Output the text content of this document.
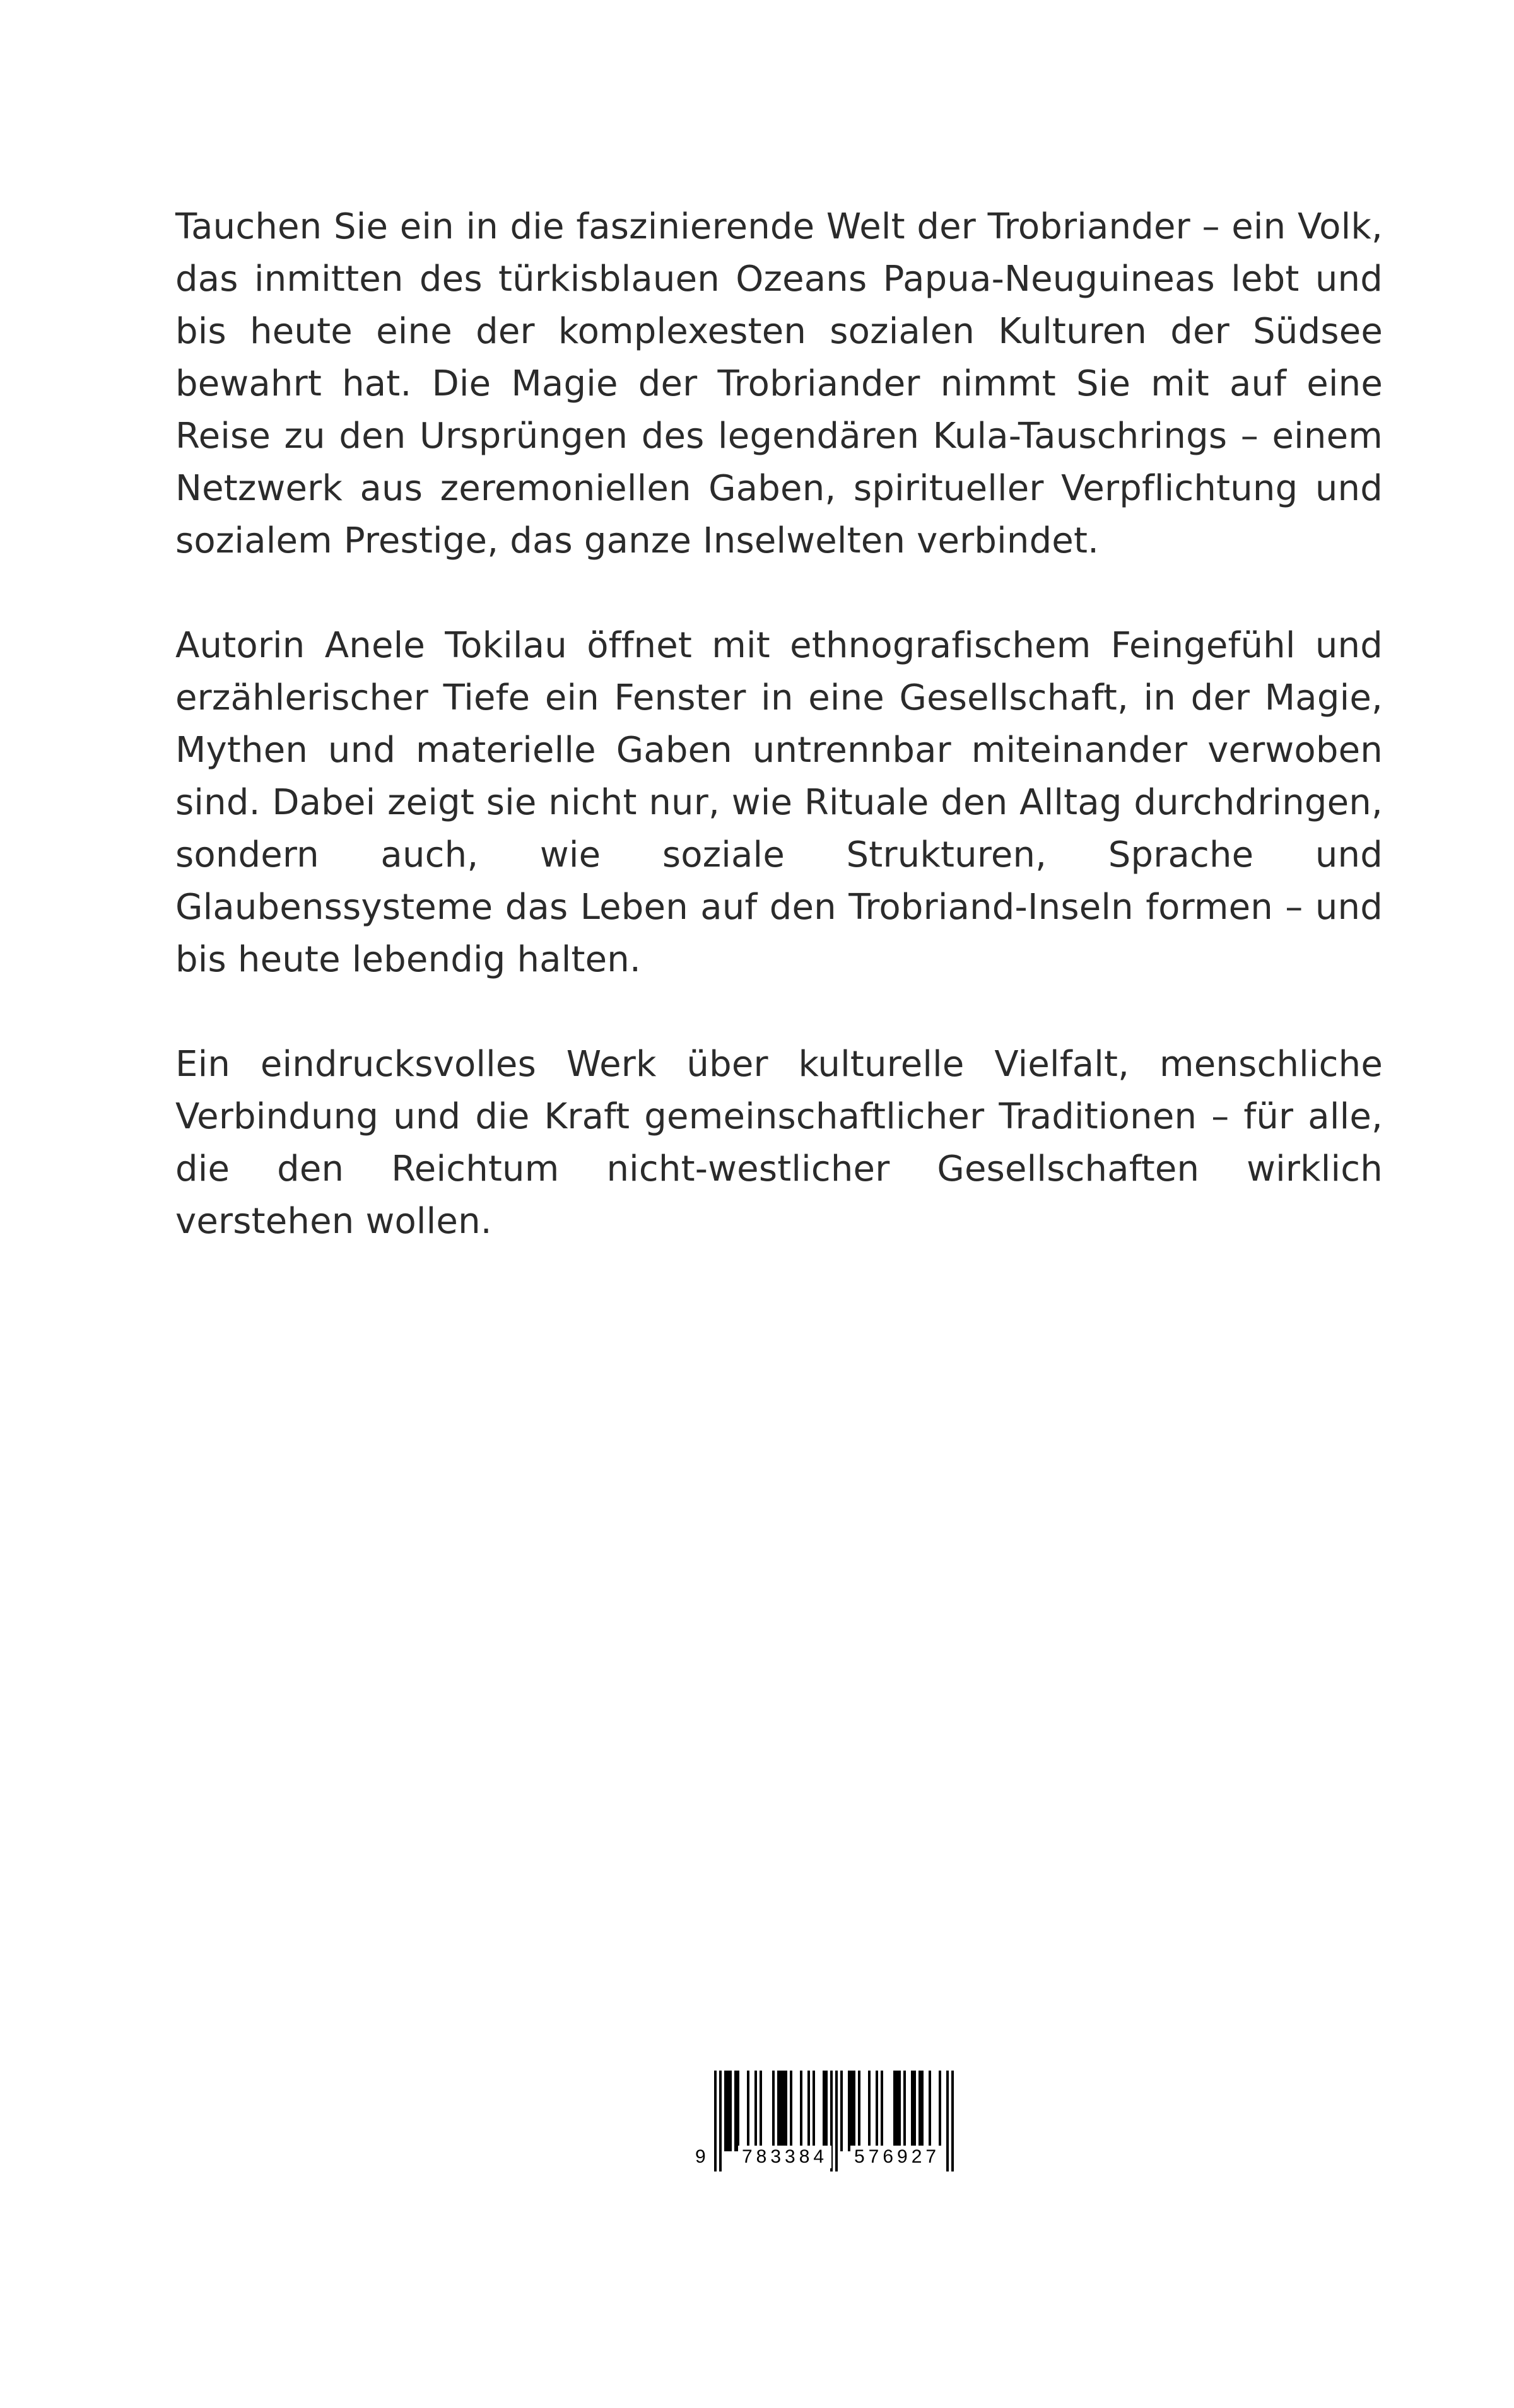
Tauchen Sie ein in die faszinierende Welt der Trobriander – ein Volk, das inmitten des türkisblauen Ozeans Papua-Neuguineas lebt und bis heute eine der komplexesten sozialen Kulturen der Südsee bewahrt hat. Die Magie der Trobriander nimmt Sie mit auf eine Reise zu den Ursprüngen des legendären Kula-Tauschrings – einem Netzwerk aus zeremoniellen Gaben, spiritueller Verpflichtung und sozialem Prestige, das ganze Inselwelten verbindet.

Autorin Anele Tokilau öffnet mit ethnografischem Feingefühl und erzählerischer Tiefe ein Fenster in eine Gesellschaft, in der Magie, Mythen und materielle Gaben untrennbar miteinander verwoben sind. Dabei zeigt sie nicht nur, wie Rituale den Alltag durchdringen, sondern auch, wie soziale Strukturen, Sprache und Glaubenssysteme das Leben auf den Trobriand-Inseln formen – und bis heute lebendig halten.

Ein eindrucksvolles Werk über kulturelle Vielfalt, menschliche Verbindung und die Kraft gemeinschaftlicher Traditionen – für alle, die den Reichtum nicht-westlicher Gesellschaften wirklich verstehen wollen.

9 783384 576927
